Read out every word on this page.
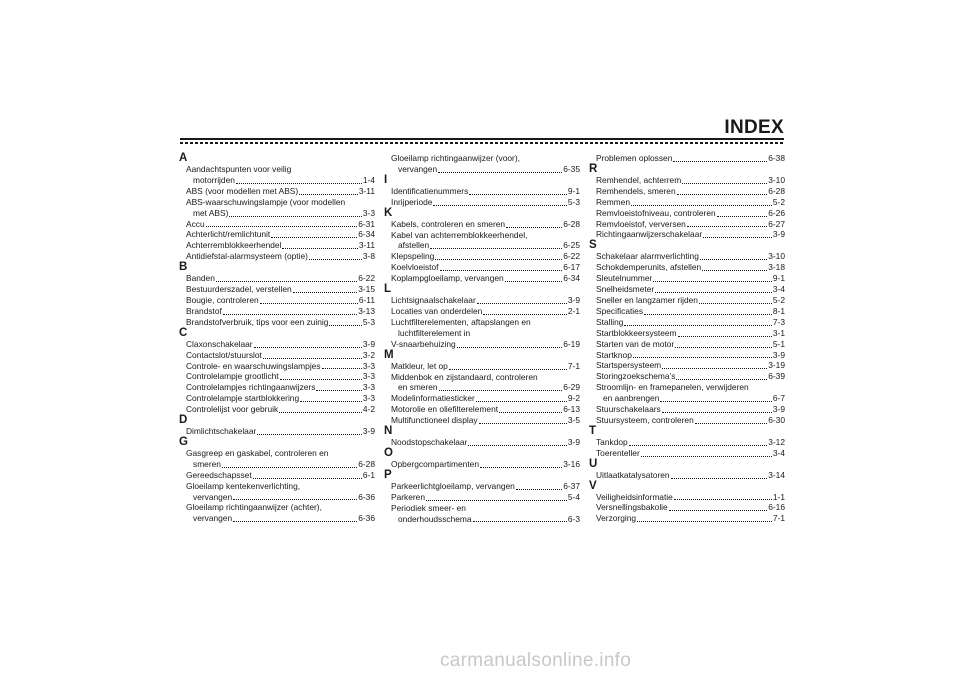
INDEX
A
Aandachtspunten voor veilig
motorrijden	1-4
ABS (voor modellen met ABS)	3-11
ABS-waarschuwingslampje (voor modellen
met ABS)	3-3
Accu	6-31
Achterlicht/remlichtunit	6-34
Achterremblokkeerhendel	3-11
Antidiefstal-alarmsysteem (optie)	3-8
B
Banden	6-22
Bestuurderszadel, verstellen	3-15
Bougie, controleren	6-11
Brandstof	3-13
Brandstofverbruik, tips voor een zuinig	5-3
C
Claxonschakelaar	3-9
Contactslot/stuurslot	3-2
Controle- en waarschuwingslampjes	3-3
Controlelampje grootlicht	3-3
Controlelampjes richtingaanwijzers	3-3
Controlelampje startblokkering	3-3
Controlelijst voor gebruik	4-2
D
Dimlichtschakelaar	3-9
G
Gasgreep en gaskabel, controleren en
smeren	6-28
Gereedschapsset	6-1
Gloeilamp kentekenverlichting,
vervangen	6-36
Gloeilamp richtingaanwijzer (achter),
vervangen	6-36
Gloeilamp richtingaanwijzer (voor),
vervangen	6-35
I
Identificatienummers	9-1
Inrijperiode	5-3
K
Kabels, controleren en smeren	6-28
Kabel van achterremblokkeerhendel,
afstellen	6-25
Klepspeling	6-22
Koelvloeistof	6-17
Koplampgloeilamp, vervangen	6-34
L
Lichtsignaalschakelaar	3-9
Locaties van onderdelen	2-1
Luchtfilterelementen, aftapslangen en
luchtfilterelement in
V-snaarbehuizing	6-19
M
Matkleur, let op	7-1
Middenbok en zijstandaard, controleren
en smeren	6-29
Modelinformatiesticker	9-2
Motorolie en oliefilterelement	6-13
Multifunctioneel display	3-5
N
Noodstopschakelaar	3-9
O
Opbergcompartimenten	3-16
P
Parkeerlichtgloeilamp, vervangen	6-37
Parkeren	5-4
Periodiek smeer- en
onderhoudsschema	6-3
Problemen oplossen	6-38
R
Remhendel, achterrem	3-10
Remhendels, smeren	6-28
Remmen	5-2
Remvloeistofniveau, controleren	6-26
Remvloeistof, verversen	6-27
Richtingaanwijzerschakelaar	3-9
S
Schakelaar alarmverlichting	3-10
Schokdemperunits, afstellen	3-18
Sleutelnummer	9-1
Snelheidsmeter	3-4
Sneller en langzamer rijden	5-2
Specificaties	8-1
Stalling	7-3
Startblokkeersysteem	3-1
Starten van de motor	5-1
Startknop	3-9
Startspersysteem	3-19
Storingzoekschema’s	6-39
Stroomlijn- en framepanelen, verwijderen
en aanbrengen	6-7
Stuurschakelaars	3-9
Stuursysteem, controleren	6-30
T
Tankdop	3-12
Toerenteller	3-4
U
Uitlaatkatalysatoren	3-14
V
Veiligheidsinformatie	1-1
Versnellingsbakolie	6-16
Verzorging	7-1
carmanualsonline.info
